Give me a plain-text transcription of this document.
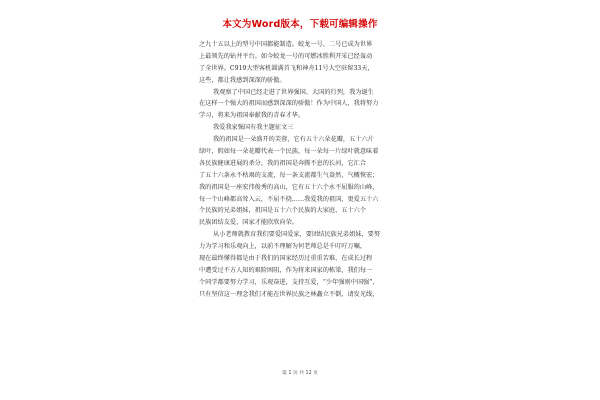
本文为Word版本，下载可编辑操作
之九十五以上的型号中国都能制造。蛟龙一号、二号已成为世界
上最领先的钻井平台。如今蛟龙一号的可燃冰胜利开采已经轰动
了全世界。C919大型客机圆满首飞和神舟11号大空驻留33天，
这些，都让我感到深深的骄傲。
我观察了中国已经走进了世界强国、大国的行列，我为诞生
在这样一个强大的祖国而感到深深的骄傲！作为中国人，我将努力
学习，将来为祖国奉献我的青春才华。
我爱我家强国有我主题征文三
我的祖国是一朵盛开的芙蓉，它有五十六朵花瓣，五十六片
绿叶，假如每一朵花瓣代表一个民族，每一朵每一片绿叶就意味着
各民族健康进展的杀分，我的祖国是奔腾不息的长河，它汇合
了五十六条永不枯竭的支流，每一条支流都生气盎然，气概恢宏；
我的祖国是一座宏伟俊秀的高山，它有五十六个永不屈服的山峰，
每一个山峰都高耸入云，不屈不挠……我爱我的祖国，更爱五十六
个民族的兄弟姐妹，祖国是五十六个民族的大家庭，五十六个
民族团结友爱，国家才能欣欣向荣。
从小老师就教育我们要爱国爱家，要团结民族兄弟姐妹，要努
力为学习和乐观向上，以前不理解为何老师总是千叮咛万嘱，
现在最终懂得都是由于我们的国家经历过重重苦难，在成长过程
中遭受过不方人知的艰险困阻，作为将来国家的栋梁，我们每一
个同学都要努力学习，乐观奋进，支持互爱，“少年强则中国强”，
只有坚信这一理念我们才能在世界民族之林矗立不倒，请发光线，
第 1 页 共 12 页
